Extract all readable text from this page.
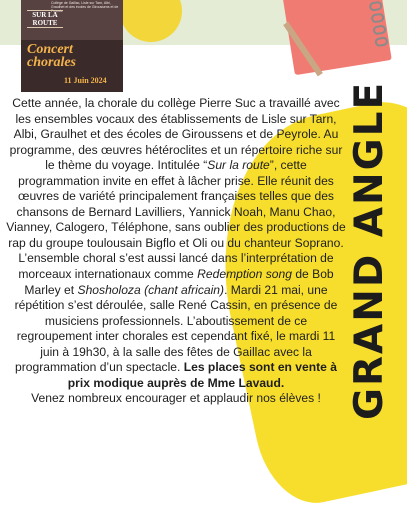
Collège de Gaillac, Lisle sur Tarn, Albi, Graulhet et des écoles de Giroussens et de Peyrole
SUR LA ROUTE
Concert chorales
11 Juin 2024
GRAND ANGLE

Cette année, la chorale du collège Pierre Suc a travaillé avec les ensembles vocaux des établissements de Lisle sur Tarn, Albi, Graulhet et des écoles de Giroussens et de Peyrole. Au programme, des œuvres hétéroclites et un répertoire riche sur le thème du voyage. Intitulée “Sur la route”, cette programmation invite en effet à lâcher prise. Elle réunit des œuvres de variété principalement françaises telles que des chansons de Bernard Lavilliers, Yannick Noah, Manu Chao, Vianney, Calogero, Téléphone, sans oublier des productions de rap du groupe toulousain Bigflo et Oli ou du chanteur Soprano. L’ensemble choral s’est aussi lancé dans l’interprétation de morceaux internationaux comme Redemption song de Bob Marley et Shosholoza (chant africain). Mardi 21 mai, une répétition s’est déroulée, salle René Cassin, en présence de musiciens professionnels. L’aboutissement de ce regroupement inter chorales est cependant fixé, le mardi 11 juin à 19h30, à la salle des fêtes de Gaillac avec la programmation d’un spectacle. Les places sont en vente à prix modique auprès de Mme Lavaud.

Venez nombreux encourager et applaudir nos élèves !
